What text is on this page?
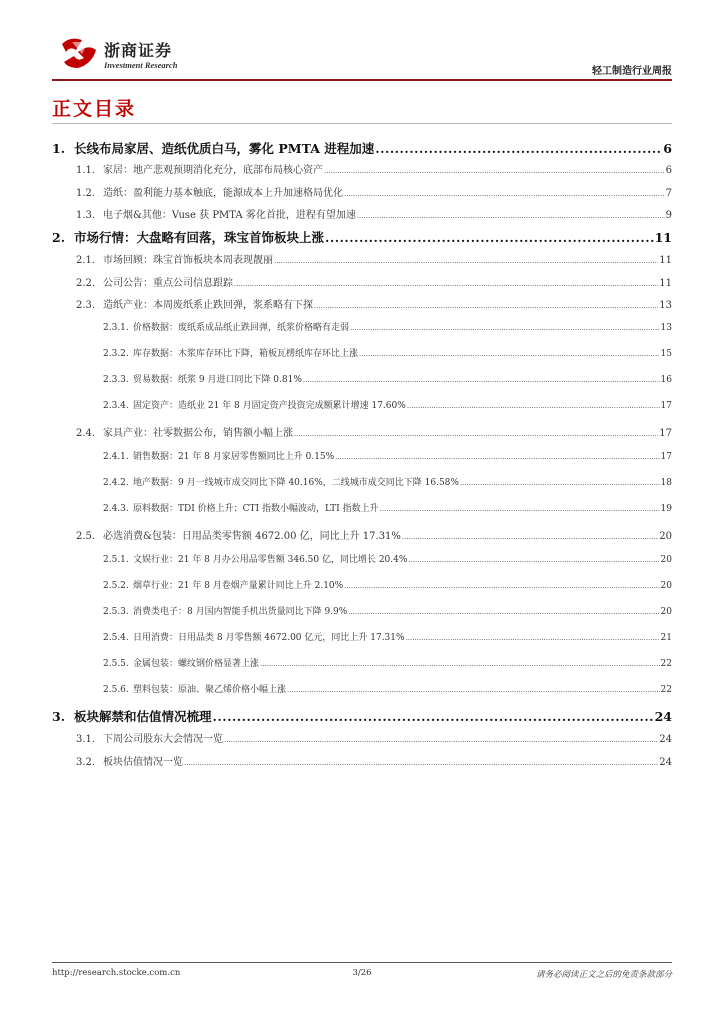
浙商证券
Investment Research
轻工制造行业周报
正文目录
1. 长线布局家居、造纸优质白马，雾化 PMTA 进程加速 .....	6
1.1. 家居：地产悲观预期消化充分，底部布局核心资产 .....	6
1.2. 造纸：盈利能力基本触底，能源成本上升加速格局优化 .....	7
1.3. 电子烟&其他：Vuse 获 PMTA 雾化首批，进程有望加速 .....	9
2. 市场行情：大盘略有回落，珠宝首饰板块上涨 .....	11
2.1. 市场回顾：珠宝首饰板块本周表现靓丽 .....	11
2.2. 公司公告：重点公司信息跟踪 .....	11
2.3. 造纸产业：本周废纸系止跌回弹，浆系略有下探 .....	13
2.3.1. 价格数据：废纸系成品纸止跌回弹，纸浆价格略有走弱 .....	13
2.3.2. 库存数据：木浆库存环比下降，箱板瓦楞纸库存环比上涨 .....	15
2.3.3. 贸易数据：纸浆 9 月进口同比下降 0.81% .....	16
2.3.4. 固定资产：造纸业 21 年 8 月固定资产投资完成额累计增速 17.60% .....	17
2.4. 家具产业：社零数据公布，销售额小幅上涨 .....	17
2.4.1. 销售数据：21 年 8 月家居零售额同比上升 0.15% .....	17
2.4.2. 地产数据：9 月一线城市成交同比下降 40.16%，二线城市成交同比下降 16.58% .....	18
2.4.3. 原料数据：TDI 价格上升；CTI 指数小幅波动，LTI 指数上升 .....	19
2.5. 必选消费&包装：日用品类零售额 4672.00 亿，同比上升 17.31% .....	20
2.5.1. 文娱行业：21 年 8 月办公用品零售额 346.50 亿，同比增长 20.4% .....	20
2.5.2. 烟草行业：21 年 8 月卷烟产量累计同比上升 2.10% .....	20
2.5.3. 消费类电子：8 月国内智能手机出货量同比下降 9.9% .....	20
2.5.4. 日用消费：日用品类 8 月零售额 4672.00 亿元，同比上升 17.31% .....	21
2.5.5. 金属包装：螺纹钢价格显著上涨 .....	22
2.5.6. 塑料包装：原油、聚乙烯价格小幅上涨 .....	22
3. 板块解禁和估值情况梳理 .....	24
3.1. 下周公司股东大会情况一览 .....	24
3.2. 板块估值情况一览 .....	24
http://research.stocke.com.cn	3/26	请务必阅读正文之后的免责条款部分
